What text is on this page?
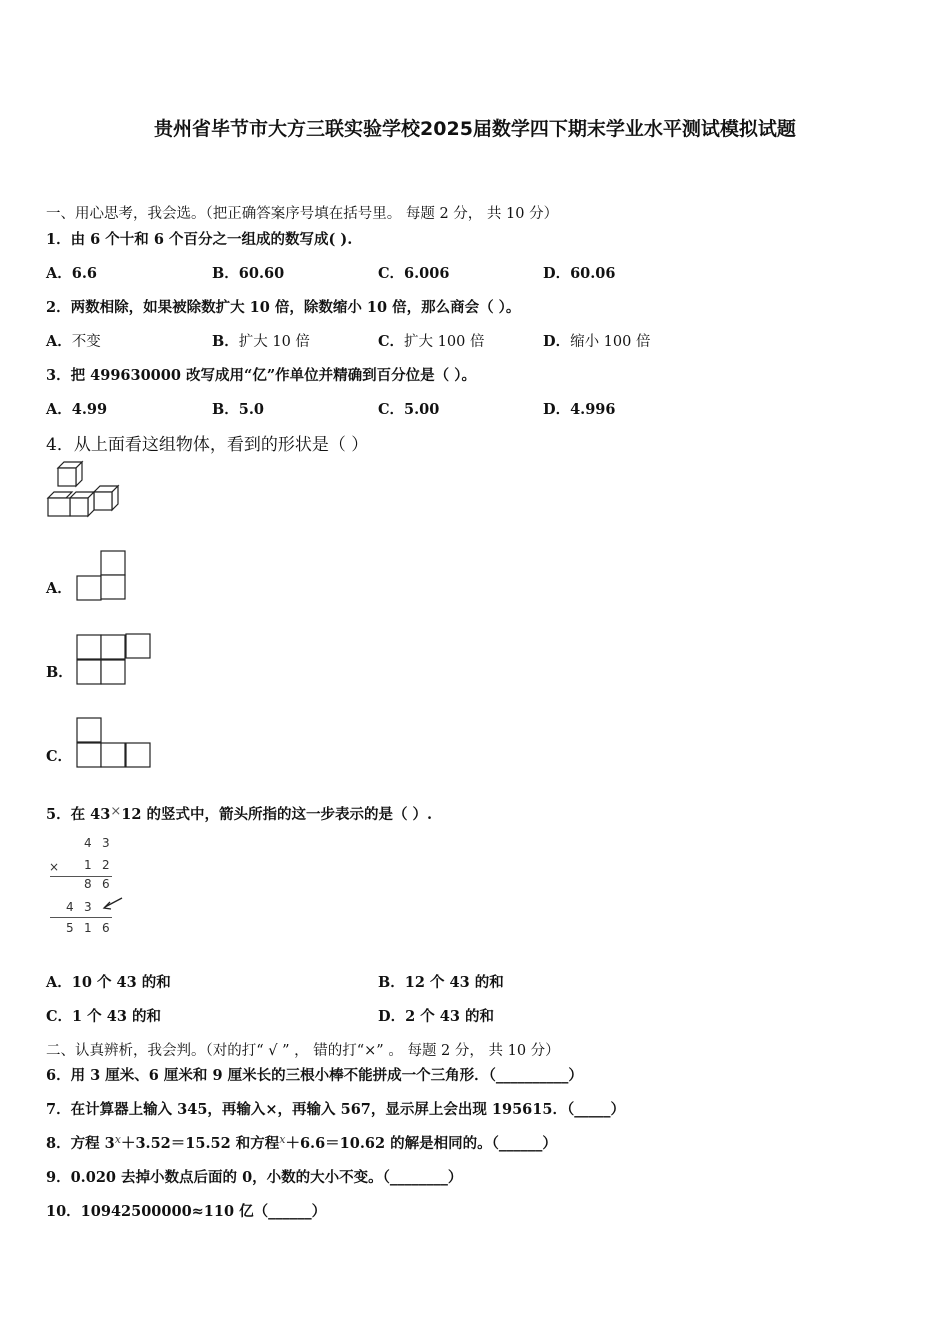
贵州省毕节市大方三联实验学校2025届数学四下期末学业水平测试模拟试题
一、用心思考，我会选。（把正确答案序号填在括号里。 每题 2 分， 共 10 分）
1．由 6 个十和 6 个百分之一组成的数写成( ).
A．6.6	B．60.60	C．6.006	D．60.06
2．两数相除，如果被除数扩大 10 倍，除数缩小 10 倍，那么商会（ ）。
A．不变	B．扩大 10 倍	C．扩大 100 倍	D．缩小 100 倍
3．把 499630000 改写成用“亿”作单位并精确到百分位是（ ）。
A．4.99	B．5.0	C．5.00	D．4.996
4．从上面看这组物体，看到的形状是（ ）
A．
B．
C．
5．在 43×12 的竖式中，箭头所指的这一步表示的是（ ）.
4 3
× 1 2
8 6
4 3
5 1 6
A．10 个 43 的和	B．12 个 43 的和
C．1 个 43 的和	D．2 个 43 的和
二、认真辨析，我会判。（对的打“ √ ” ， 错的打“×” 。 每题 2 分， 共 10 分）
6．用 3 厘米、6 厘米和 9 厘米长的三根小棒不能拼成一个三角形．（__________）
7．在计算器上输入 345，再输入×，再输入 567，显示屏上会出现 195615．（_____）
8．方程 $3^x+3.52=15.52$ 和方程$^x$＋6.6＝10.62 的解是相同的。（______）
9．0.020 去掉小数点后面的 0，小数的大小不变。（________）
10．10942500000≈110 亿（______）
